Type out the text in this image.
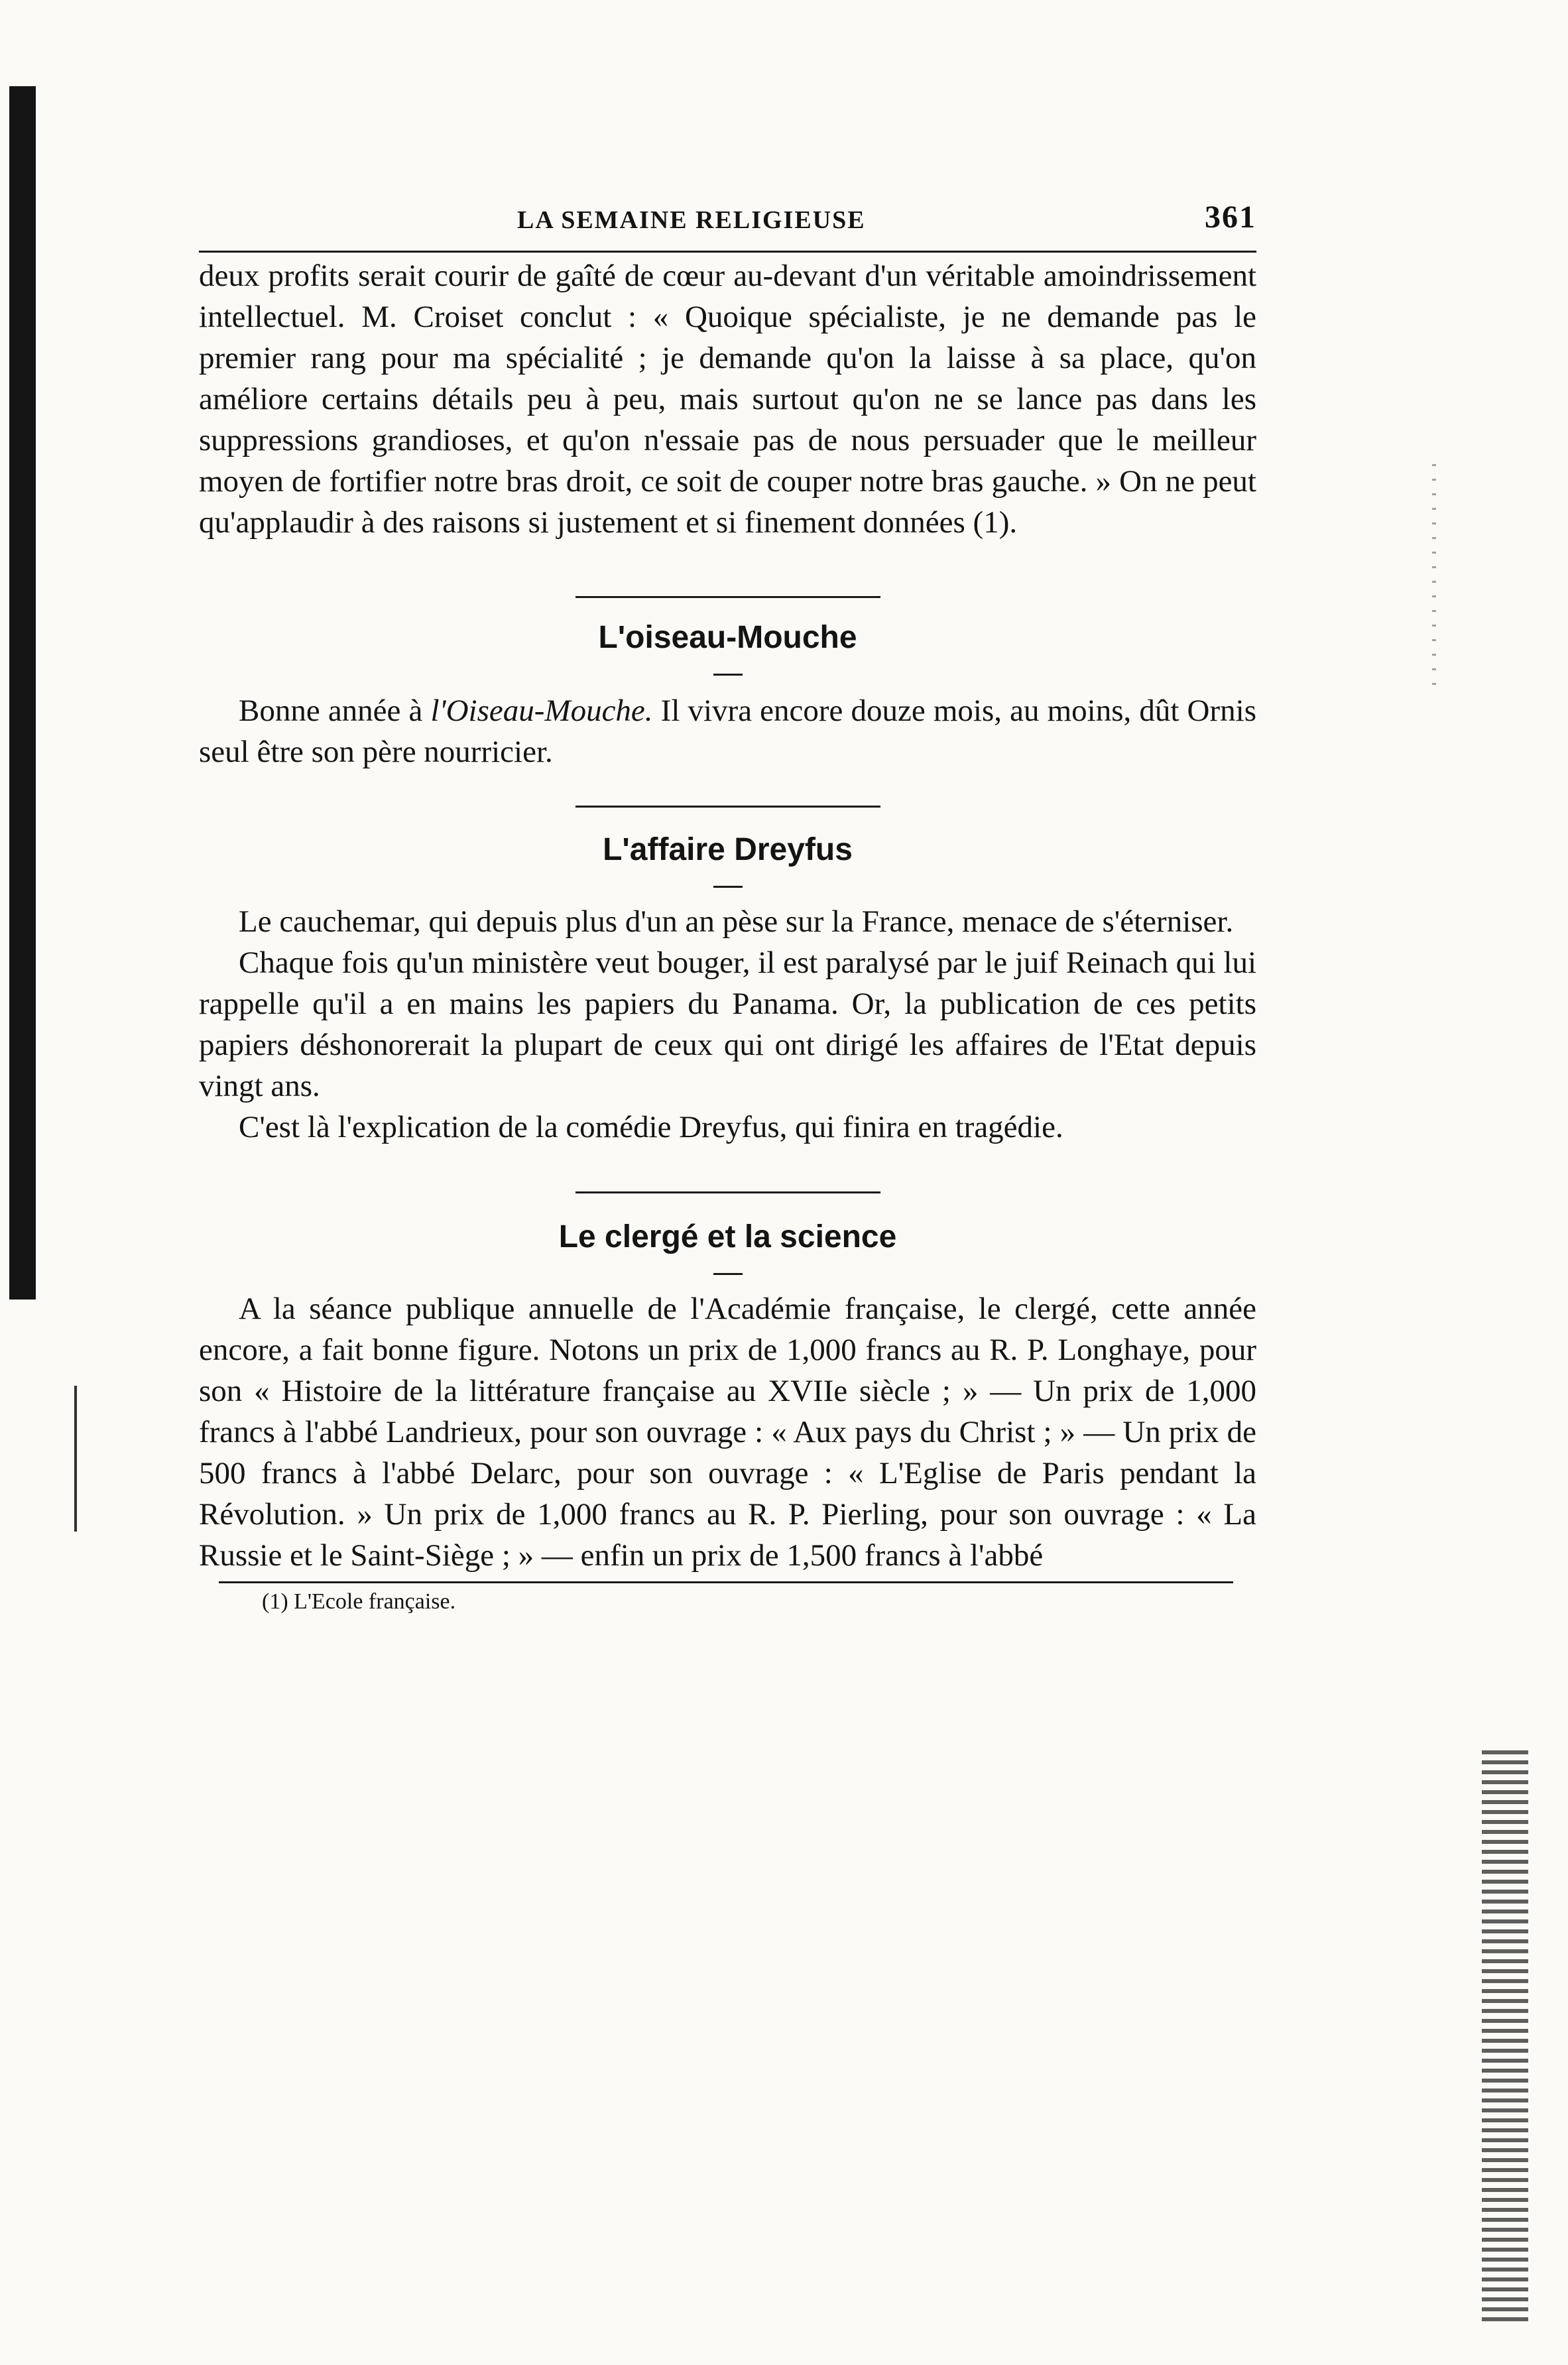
LA SEMAINE RELIGIEUSE	361

deux profits serait courir de gaîté de cœur au-devant d'un véritable amoindrissement intellectuel. M. Croiset conclut : « Quoique spécialiste, je ne demande pas le premier rang pour ma spécialité ; je demande qu'on la laisse à sa place, qu'on améliore certains détails peu à peu, mais surtout qu'on ne se lance pas dans les suppressions grandioses, et qu'on n'essaie pas de nous persuader que le meilleur moyen de fortifier notre bras droit, ce soit de couper notre bras gauche. » On ne peut qu'applaudir à des raisons si justement et si finement données (1).

L'oiseau-Mouche

Bonne année à l'Oiseau-Mouche. Il vivra encore douze mois, au moins, dût Ornis seul être son père nourricier.

L'affaire Dreyfus

Le cauchemar, qui depuis plus d'un an pèse sur la France, menace de s'éterniser.

Chaque fois qu'un ministère veut bouger, il est paralysé par le juif Reinach qui lui rappelle qu'il a en mains les papiers du Panama. Or, la publication de ces petits papiers déshonorerait la plupart de ceux qui ont dirigé les affaires de l'Etat depuis vingt ans.

C'est là l'explication de la comédie Dreyfus, qui finira en tragédie.

Le clergé et la science

A la séance publique annuelle de l'Académie française, le clergé, cette année encore, a fait bonne figure. Notons un prix de 1,000 francs au R. P. Longhaye, pour son « Histoire de la littérature française au XVIIe siècle ; » — Un prix de 1,000 francs à l'abbé Landrieux, pour son ouvrage : « Aux pays du Christ ; » — Un prix de 500 francs à l'abbé Delarc, pour son ouvrage : « L'Eglise de Paris pendant la Révolution. » Un prix de 1,000 francs au R. P. Pierling, pour son ouvrage : « La Russie et le Saint-Siège ; » — enfin un prix de 1,500 francs à l'abbé

(1) L'Ecole française.
